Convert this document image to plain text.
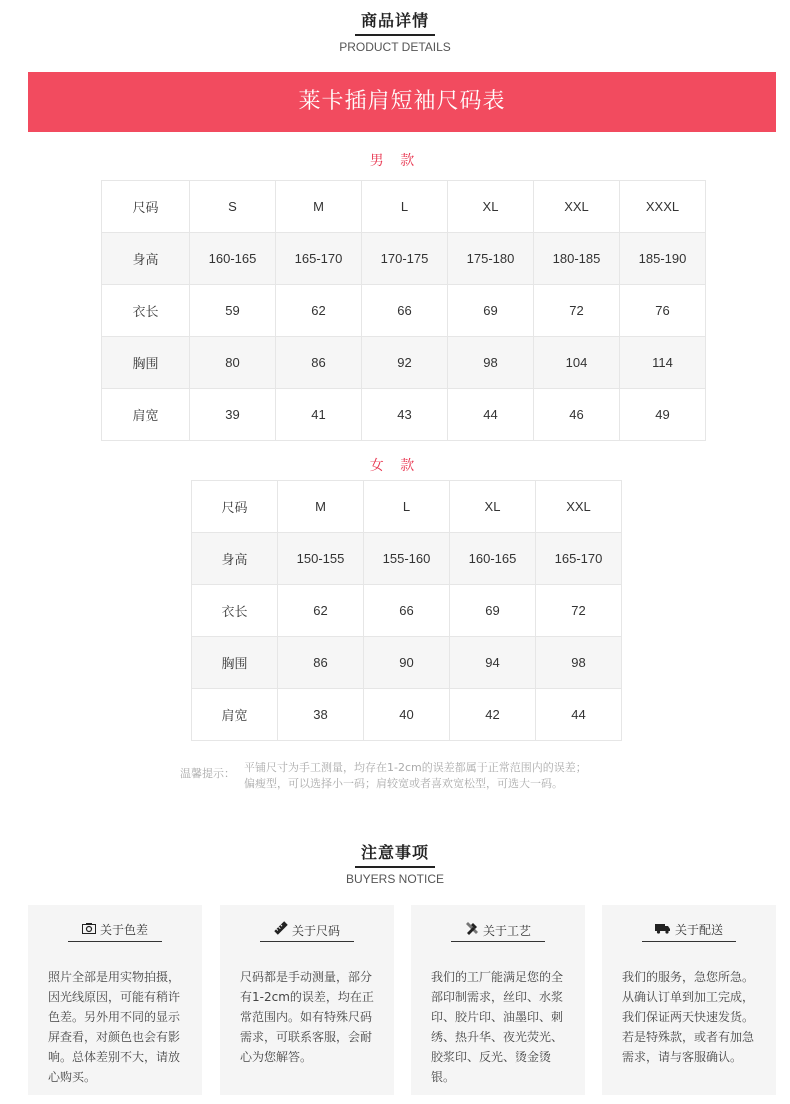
商品详情
PRODUCT DETAILS
莱卡插肩短袖尺码表
男 款
尺码	S	M	L	XL	XXL	XXXL
身高	160-165	165-170	170-175	175-180	180-185	185-190
衣长	59	62	66	69	72	76
胸围	80	86	92	98	104	114
肩宽	39	41	43	44	46	49
女 款
尺码	M	L	XL	XXL
身高	150-155	155-160	160-165	165-170
衣长	62	66	69	72
胸围	86	90	94	98
肩宽	38	40	42	44
温馨提示： 平铺尺寸为手工测量，均存在1-2cm的误差都属于正常范围内的误差；
偏瘦型，可以选择小一码；肩较宽或者喜欢宽松型，可选大一码。
注意事项
BUYERS NOTICE
关于色差
照片全部是用实物拍摄，因光线原因，可能有稍许色差。另外用不同的显示屏查看，对颜色也会有影响。总体差别不大，请放心购买。
关于尺码
尺码都是手动测量，部分有1-2cm的误差，均在正常范围内。如有特殊尺码需求，可联系客服，会耐心为您解答。
关于工艺
我们的工厂能满足您的全部印制需求，丝印、水浆印、胶片印、油墨印、刺绣、热升华、夜光荧光、胶浆印、反光、烫金烫银。
关于配送
我们的服务，急您所急。从确认订单到加工完成，我们保证两天快速发货。若是特殊款，或者有加急需求，请与客服确认。
